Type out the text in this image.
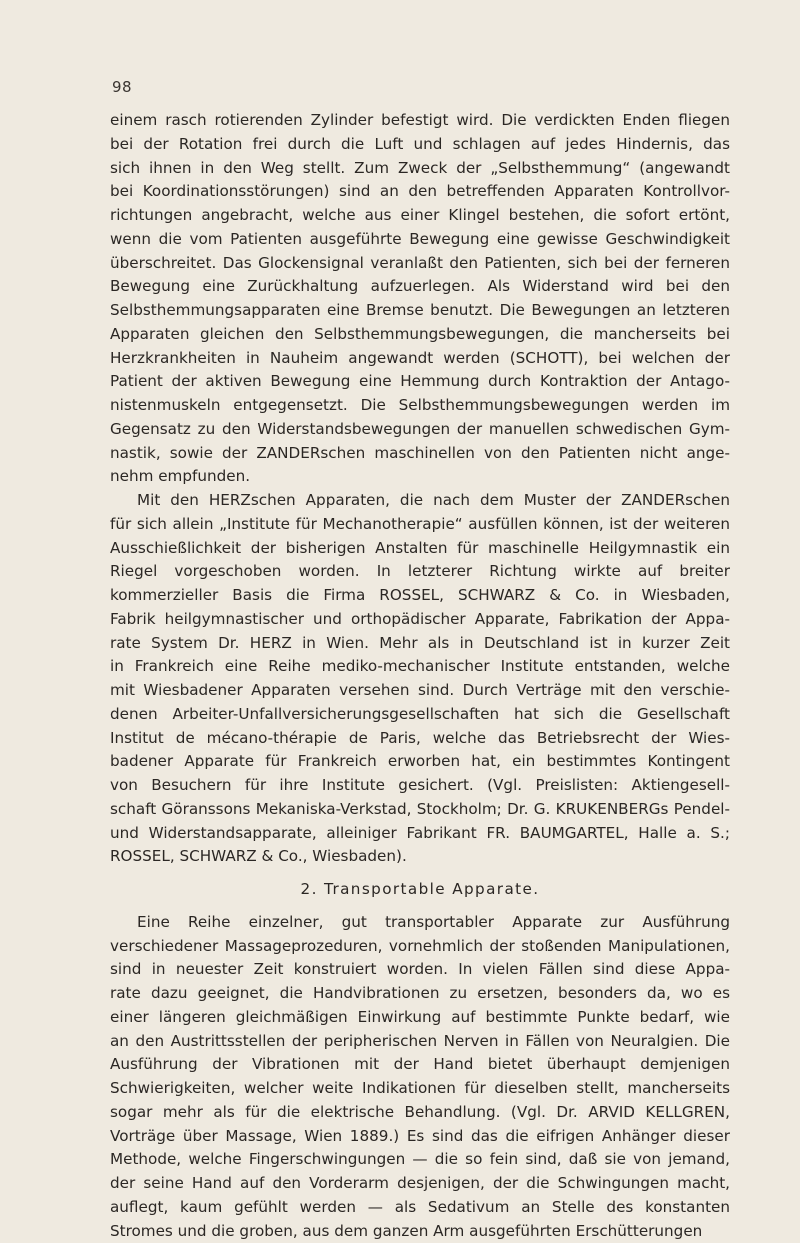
98
einem rasch rotierenden Zylinder befestigt wird. Die verdickten Enden fliegen
bei der Rotation frei durch die Luft und schlagen auf jedes Hindernis, das
sich ihnen in den Weg stellt. Zum Zweck der „Selbsthemmung“ (angewandt
bei Koordinationsstörungen) sind an den betreffenden Apparaten Kontrollvor-
richtungen angebracht, welche aus einer Klingel bestehen, die sofort ertönt,
wenn die vom Patienten ausgeführte Bewegung eine gewisse Geschwindigkeit
überschreitet. Das Glockensignal veranlaßt den Patienten, sich bei der ferneren
Bewegung eine Zurückhaltung aufzuerlegen. Als Widerstand wird bei den
Selbsthemmungsapparaten eine Bremse benutzt. Die Bewegungen an letzteren
Apparaten gleichen den Selbsthemmungsbewegungen, die mancherseits bei
Herzkrankheiten in Nauheim angewandt werden (SCHOTT), bei welchen der
Patient der aktiven Bewegung eine Hemmung durch Kontraktion der Antago-
nistenmuskeln entgegensetzt. Die Selbsthemmungsbewegungen werden im
Gegensatz zu den Widerstandsbewegungen der manuellen schwedischen Gym-
nastik, sowie der ZANDERschen maschinellen von den Patienten nicht ange-
nehm empfunden.
Mit den HERZschen Apparaten, die nach dem Muster der ZANDERschen
für sich allein „Institute für Mechanotherapie“ ausfüllen können, ist der weiteren
Ausschießlichkeit der bisherigen Anstalten für maschinelle Heilgymnastik ein
Riegel vorgeschoben worden. In letzterer Richtung wirkte auf breiter
kommerzieller Basis die Firma ROSSEL, SCHWARZ & Co. in Wiesbaden,
Fabrik heilgymnastischer und orthopädischer Apparate, Fabrikation der Appa-
rate System Dr. HERZ in Wien. Mehr als in Deutschland ist in kurzer Zeit
in Frankreich eine Reihe mediko-mechanischer Institute entstanden, welche
mit Wiesbadener Apparaten versehen sind. Durch Verträge mit den verschie-
denen Arbeiter-Unfallversicherungsgesellschaften hat sich die Gesellschaft
Institut de mécano-thérapie de Paris, welche das Betriebsrecht der Wies-
badener Apparate für Frankreich erworben hat, ein bestimmtes Kontingent
von Besuchern für ihre Institute gesichert. (Vgl. Preislisten: Aktiengesell-
schaft Göranssons Mekaniska-Verkstad, Stockholm; Dr. G. KRUKENBERGs Pendel-
und Widerstandsapparate, alleiniger Fabrikant FR. BAUMGARTEL, Halle a. S.;
ROSSEL, SCHWARZ & Co., Wiesbaden).
2. Transportable Apparate.
Eine Reihe einzelner, gut transportabler Apparate zur Ausführung
verschiedener Massageprozeduren, vornehmlich der stoßenden Manipulationen,
sind in neuester Zeit konstruiert worden. In vielen Fällen sind diese Appa-
rate dazu geeignet, die Handvibrationen zu ersetzen, besonders da, wo es
einer längeren gleichmäßigen Einwirkung auf bestimmte Punkte bedarf, wie
an den Austrittsstellen der peripherischen Nerven in Fällen von Neuralgien. Die
Ausführung der Vibrationen mit der Hand bietet überhaupt demjenigen
Schwierigkeiten, welcher weite Indikationen für dieselben stellt, mancherseits
sogar mehr als für die elektrische Behandlung. (Vgl. Dr. ARVID KELLGREN,
Vorträge über Massage, Wien 1889.) Es sind das die eifrigen Anhänger dieser
Methode, welche Fingerschwingungen — die so fein sind, daß sie von jemand,
der seine Hand auf den Vorderarm desjenigen, der die Schwingungen macht,
auflegt, kaum gefühlt werden — als Sedativum an Stelle des konstanten
Stromes und die groben, aus dem ganzen Arm ausgeführten Erschütterungen
